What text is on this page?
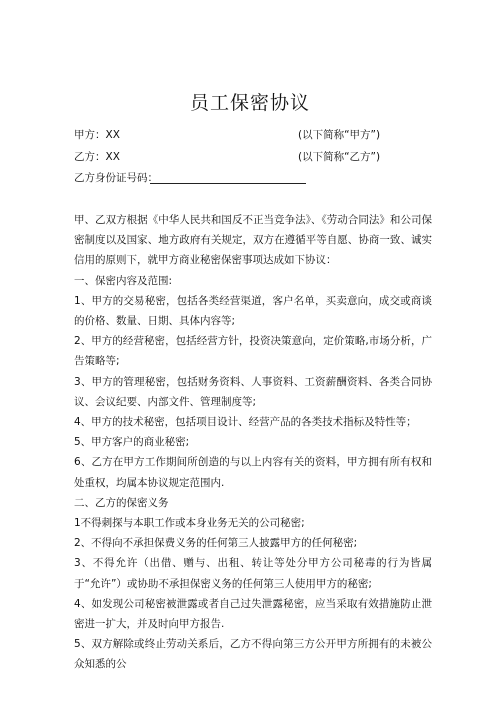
员工保密协议
甲方：XX	(以下简称“甲方”)
乙方：XX	(以下简称“乙方”)
乙方身份证号码：

甲、乙双方根据《中华人民共和国反不正当竞争法》、《劳动合同法》和公司保密制度以及国家、地方政府有关规定，双方在遵循平等自愿、协商一致、诚实信用的原则下，就甲方商业秘密保密事项达成如下协议：

一、保密内容及范围:

1、甲方的交易秘密，包括各类经营渠道，客户名单，买卖意向，成交或商谈的价格、数量、日期、具体内容等;

2、甲方的经营秘密，包括经营方针，投资决策意向，定价策略,市场分析，广告策略等;

3、甲方的管理秘密，包括财务资料、人事资料、工资薪酬资料、各类合同协议、会议纪要、内部文件、管理制度等;

4、甲方的技术秘密，包括项目设计、经营产品的各类技术指标及特性等；

5、甲方客户的商业秘密;

6、乙方在甲方工作期间所创造的与以上内容有关的资料，甲方拥有所有权和处重权，均属本协议规定范围内.

二、乙方的保密义务

1不得刺探与本职工作或本身业务无关的公司秘密;

2、不得向不承担保费义务的任何第三人披露甲方的任何秘密;

3、不得允许（出借、赠与、出租、转让等处分甲方公司秘毒的行为皆属于“允许”）或协助不承担保密义务的任何第三人使用甲方的秘密;

4、如发现公司秘密被泄露或者自己过失泄露秘密，应当采取有效措施防止泄密进一扩大，并及时向甲方报告.

5、双方解除或终止劳动关系后，乙方不得向第三方公开甲方所拥有的未被公众知悉的公
